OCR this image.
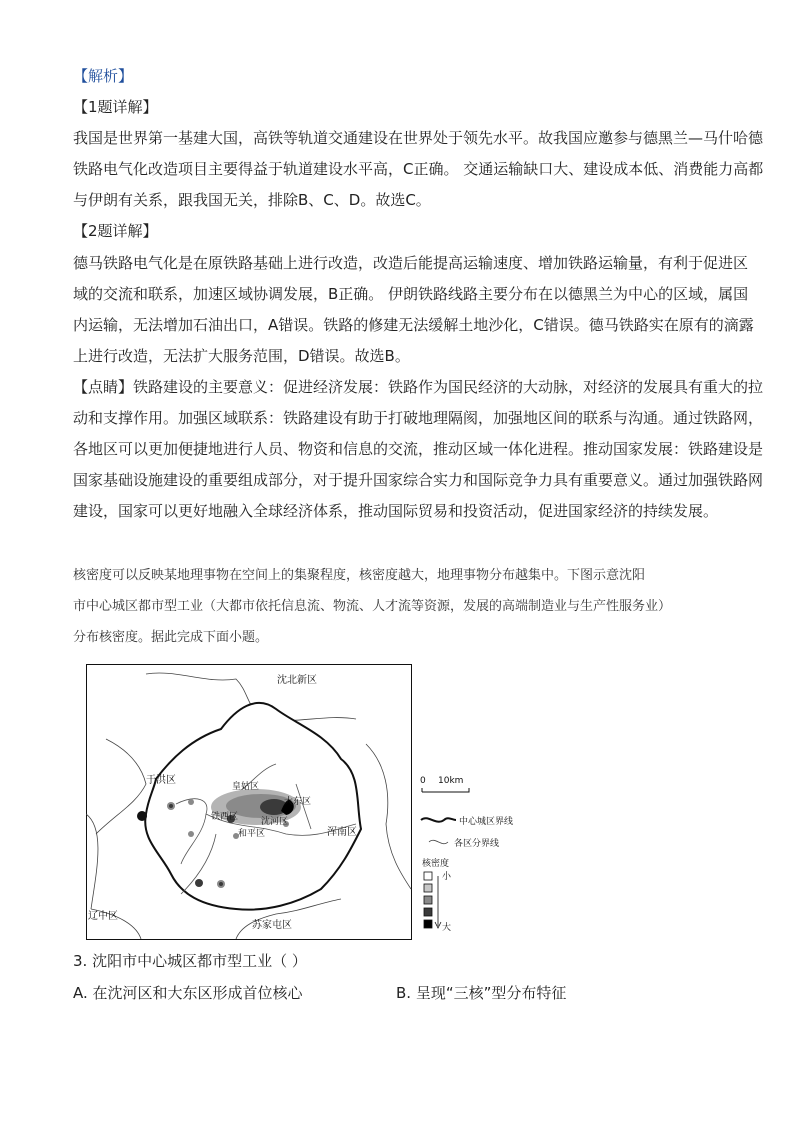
【解析】
【1题详解】
我国是世界第一基建大国，高铁等轨道交通建设在世界处于领先水平。故我国应邀参与德黑兰—马什哈德
铁路电气化改造项目主要得益于轨道建设水平高，C正确。 交通运输缺口大、建设成本低、消费能力高都
与伊朗有关系，跟我国无关，排除B、C、D。故选C。
【2题详解】
德马铁路电气化是在原铁路基础上进行改造，改造后能提高运输速度、增加铁路运输量，有利于促进区
域的交流和联系，加速区域协调发展，B正确。 伊朗铁路线路主要分布在以德黑兰为中心的区域，属国
内运输，无法增加石油出口，A错误。铁路的修建无法缓解土地沙化，C错误。德马铁路实在原有的滴露
上进行改造，无法扩大服务范围，D错误。故选B。
【点睛】铁路建设的主要意义：促进经济发展：铁路作为国民经济的大动脉，对经济的发展具有重大的拉
动和支撑作用。加强区域联系：铁路建设有助于打破地理隔阂，加强地区间的联系与沟通。通过铁路网，
各地区可以更加便捷地进行人员、物资和信息的交流，推动区域一体化进程。推动国家发展：铁路建设是
国家基础设施建设的重要组成部分，对于提升国家综合实力和国际竞争力具有重要意义。通过加强铁路网
建设，国家可以更好地融入全球经济体系，推动国际贸易和投资活动，促进国家经济的持续发展。
核密度可以反映某地理事物在空间上的集聚程度，核密度越大，地理事物分布越集中。下图示意沈阳
市中心城区都市型工业（大都市依托信息流、物流、人才流等资源，发展的高端制造业与生产性服务业）
分布核密度。据此完成下面小题。
沈北新区
于洪区
皇姑区
大东区
铁西区	沈河区
和平区	浑南区
辽中区
苏家屯区
0 10km
中心城区界线
各区分界线
核密度
小
大
3. 沈阳市中心城区都市型工业（ ）
A. 在沈河区和大东区形成首位核心	B. 呈现“三核”型分布特征
